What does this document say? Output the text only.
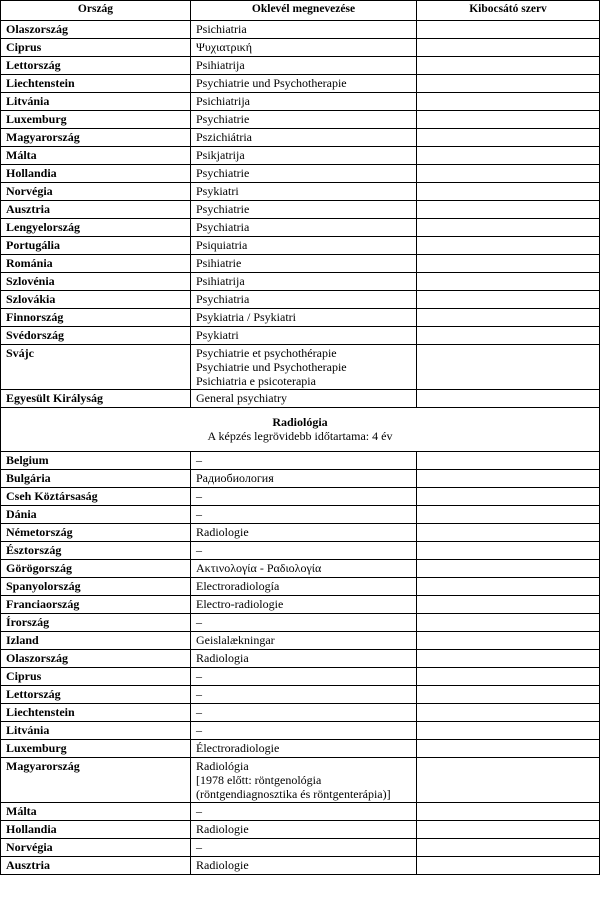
Ország	Oklevél megnevezése	Kibocsátó szerv
Olaszország	Psichiatria	
Ciprus	Ψυχιατρική	
Lettország	Psihiatrija	
Liechtenstein	Psychiatrie und Psychotherapie	
Litvánia	Psichiatrija	
Luxemburg	Psychiatrie	
Magyarország	Pszichiátria	
Málta	Psikjatrija	
Hollandia	Psychiatrie	
Norvégia	Psykiatri	
Ausztria	Psychiatrie	
Lengyelország	Psychiatria	
Portugália	Psiquiatria	
Románia	Psihiatrie	
Szlovénia	Psihiatrija	
Szlovákia	Psychiatria	
Finnország	Psykiatria / Psykiatri	
Svédország	Psykiatri	
Svájc	Psychiatrie et psychothérapie
Psychiatrie und Psychotherapie
Psichiatria e psicoterapia	
Egyesült Királyság	General psychiatry	

Radiológia
A képzés legrövidebb időtartama: 4 év		

Belgium	–	
Bulgária	Радиобиология	
Cseh Köztársaság	–	
Dánia	–	
Németország	Radiologie	
Észtország	–	
Görögország	Ακτινολογία - Ραδιολογία	
Spanyolország	Electroradiología	
Franciaország	Electro-radiologie	
Írország	–	
Izland	Geislalækningar	
Olaszország	Radiologia	
Ciprus	–	
Lettország	–	
Liechtenstein	–	
Litvánia	–	
Luxemburg	Électroradiologie	
Magyarország	Radiológia
[1978 előtt: röntgenológia
(röntgendiagnosztika és röntgenterápia)]	
Málta	–	
Hollandia	Radiologie	
Norvégia	–	
Ausztria	Radiologie	
